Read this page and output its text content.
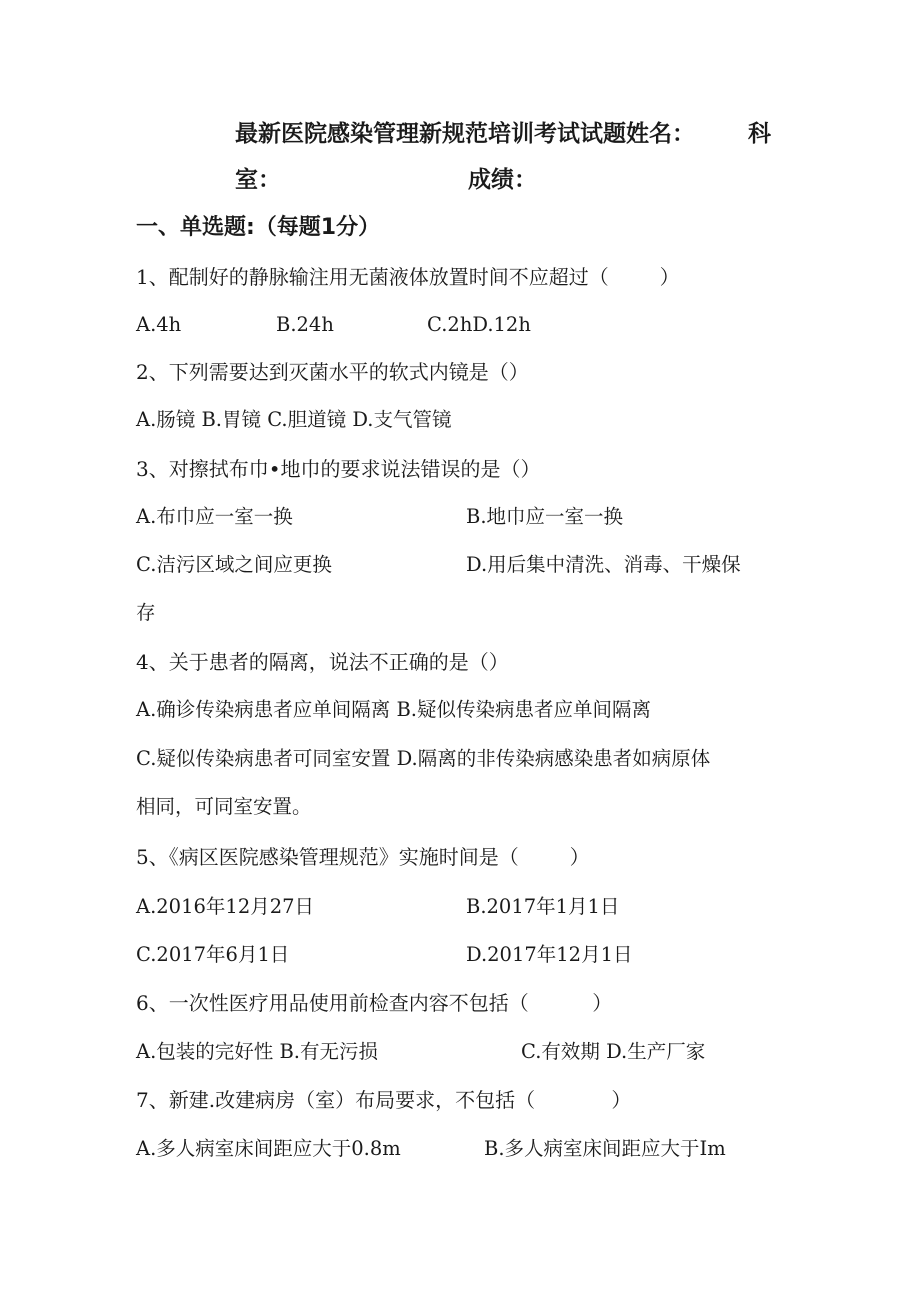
最新医院感染管理新规范培训考试试题姓名： 科
室：	成绩：
一、单选题:（每题1分）
1、配制好的静脉输注用无菌液体放置时间不应超过（        ）
A.4h	B.24h	C.2hD.12h
2、下列需要达到灭菌水平的软式内镜是（）
A.肠镜 B.胃镜 C.胆道镜 D.支气管镜
3、对擦拭布巾•地巾的要求说法错误的是（）
A.布巾应一室一换	B.地巾应一室一换
C.洁污区域之间应更换	D.用后集中清洗、消毒、干燥保
存
4、关于患者的隔离，说法不正确的是（）
A.确诊传染病患者应单间隔离 B.疑似传染病患者应单间隔离
C.疑似传染病患者可同室安置 D.隔离的非传染病感染患者如病原体
相同，可同室安置。
5、《病区医院感染管理规范》实施时间是（        ）
A.2016年12月27日	B.2017年1月1日
C.2017年6月1日	D.2017年12月1日
6、一次性医疗用品使用前检查内容不包括（          ）
A.包装的完好性 B.有无污损	C.有效期 D.生产厂家
7、新建.改建病房（室）布局要求，不包括（            ）
A.多人病室床间距应大于0.8m	B.多人病室床间距应大于Im
